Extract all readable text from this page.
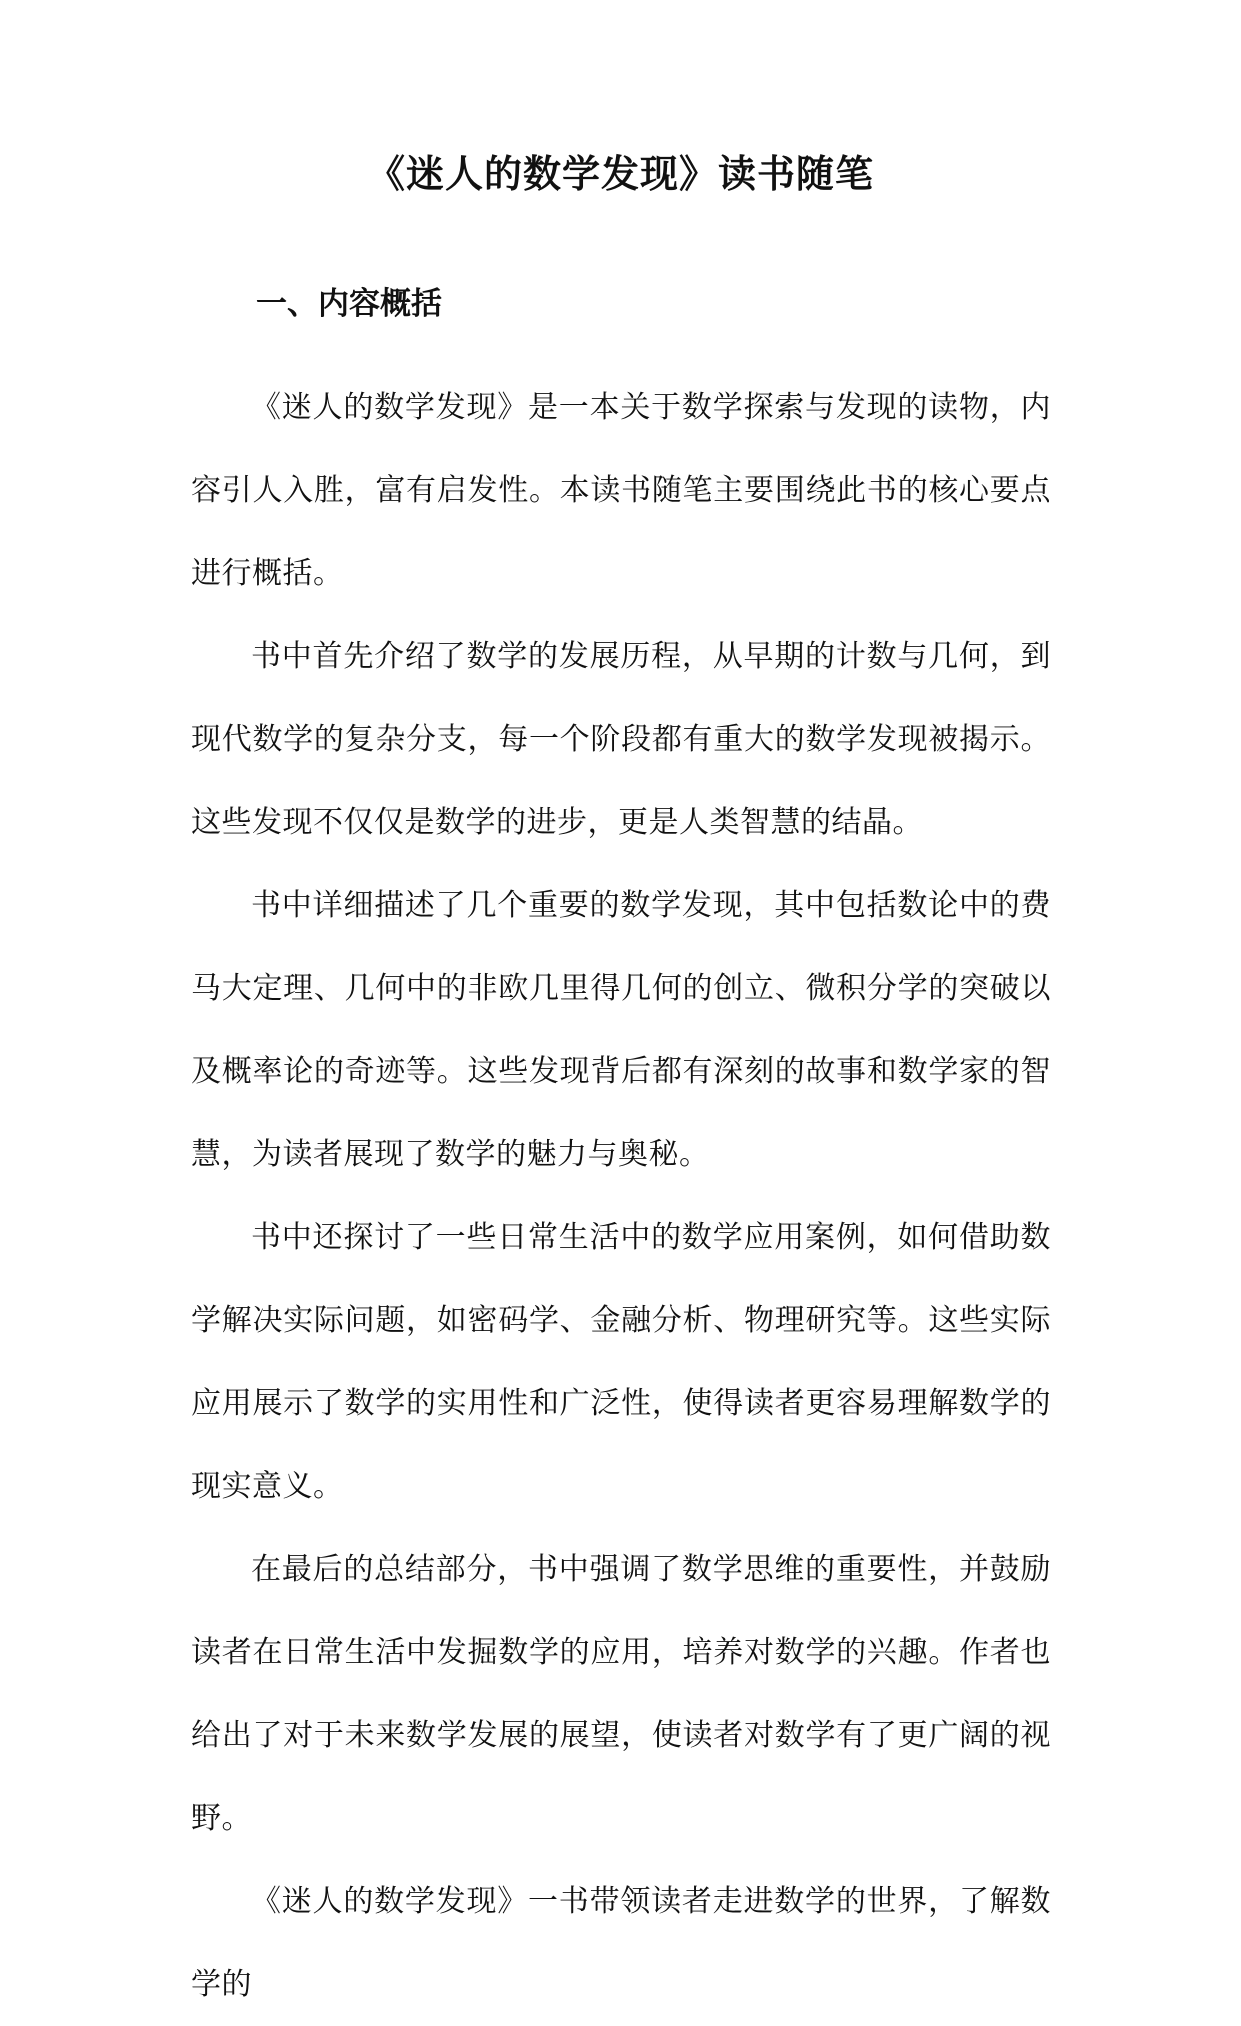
《迷人的数学发现》读书随笔
一、内容概括

《迷人的数学发现》是一本关于数学探索与发现的读物，内容引人入胜，富有启发性。本读书随笔主要围绕此书的核心要点进行概括。

书中首先介绍了数学的发展历程，从早期的计数与几何，到现代数学的复杂分支，每一个阶段都有重大的数学发现被揭示。这些发现不仅仅是数学的进步，更是人类智慧的结晶。

书中详细描述了几个重要的数学发现，其中包括数论中的费马大定理、几何中的非欧几里得几何的创立、微积分学的突破以及概率论的奇迹等。这些发现背后都有深刻的故事和数学家的智慧，为读者展现了数学的魅力与奥秘。

书中还探讨了一些日常生活中的数学应用案例，如何借助数学解决实际问题，如密码学、金融分析、物理研究等。这些实际应用展示了数学的实用性和广泛性，使得读者更容易理解数学的现实意义。

在最后的总结部分，书中强调了数学思维的重要性，并鼓励读者在日常生活中发掘数学的应用，培养对数学的兴趣。作者也给出了对于未来数学发展的展望，使读者对数学有了更广阔的视野。

《迷人的数学发现》一书带领读者走进数学的世界，了解数学的
